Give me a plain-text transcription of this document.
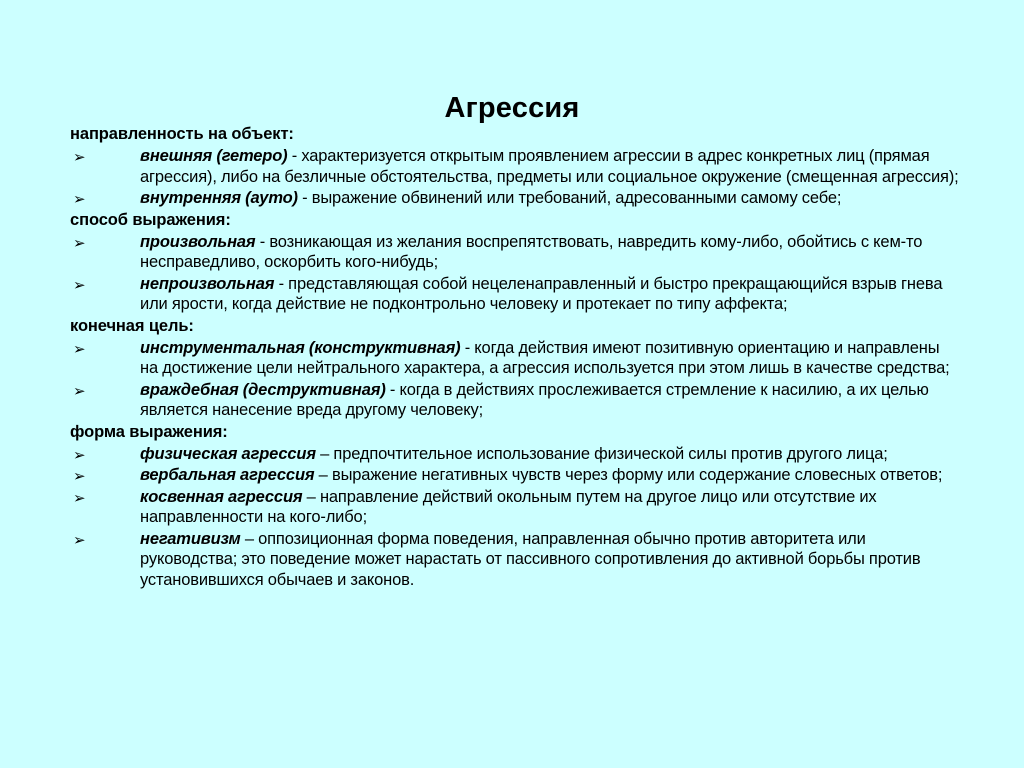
Агрессия
направленность на объект:
➢	внешняя (гетеро) - характеризуется открытым проявлением агрессии в адрес конкретных лиц (прямая агрессия), либо на безличные обстоятельства, предметы или социальное окружение (смещенная агрессия);
➢	внутренняя (ауто) - выражение обвинений или требований, адресованными самому себе;
способ выражения:
➢	произвольная - возникающая из желания воспрепятствовать, навредить кому-либо, обойтись с кем-то несправедливо, оскорбить кого-нибудь;
➢	непроизвольная - представляющая собой нецеленаправленный и быстро прекращающийся взрыв гнева или ярости, когда действие не подконтрольно человеку и протекает по типу аффекта;
конечная цель:
➢	инструментальная (конструктивная) - когда действия имеют позитивную ориентацию и направлены на достижение цели нейтрального характера, а агрессия используется при этом лишь в качестве средства;
➢	враждебная (деструктивная) - когда в действиях прослеживается стремление к насилию, а их целью является нанесение вреда другому человеку;
форма выражения:
➢	физическая агрессия – предпочтительное использование физической силы против другого лица;
➢	вербальная агрессия – выражение негативных чувств через форму или содержание словесных ответов;
➢	косвенная агрессия – направление действий окольным путем на другое лицо или отсутствие их направленности на кого-либо;
➢	негативизм – оппозиционная форма поведения, направленная обычно против авторитета или руководства; это поведение может нарастать от пассивного сопротивления до активной борьбы против установившихся обычаев и законов.
